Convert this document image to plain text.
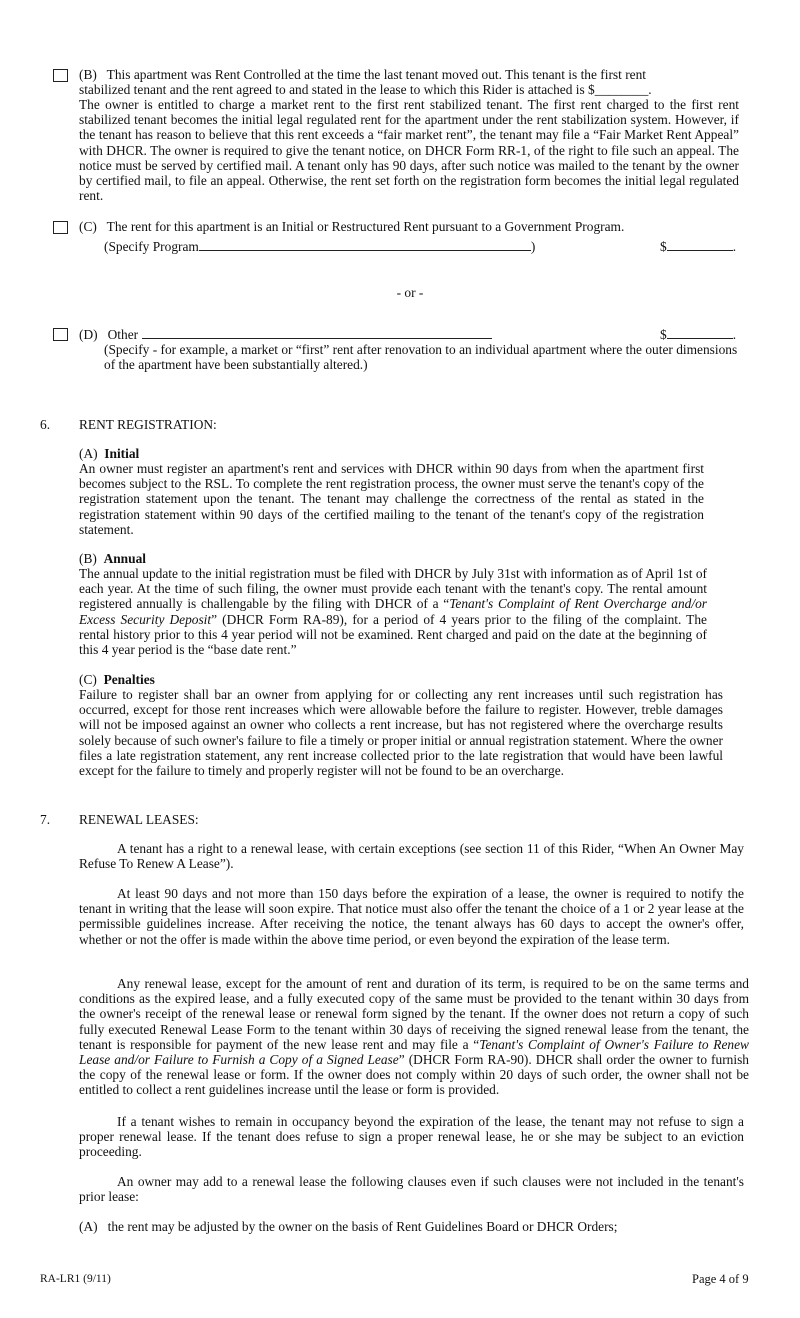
(B) This apartment was Rent Controlled at the time the last tenant moved out. This tenant is the first rent
stabilized tenant and the rent agreed to and stated in the lease to which this Rider is attached is $________.
The owner is entitled to charge a market rent to the first rent stabilized tenant. The first rent charged to the first rent stabilized tenant becomes the initial legal regulated rent for the apartment under the rent stabilization system. However, if the tenant has reason to believe that this rent exceeds a “fair market rent”, the tenant may file a “Fair Market Rent Appeal” with DHCR. The owner is required to give the tenant notice, on DHCR Form RR-1, of the right to file such an appeal. The notice must be served by certified mail. A tenant only has 90 days, after such notice was mailed to the tenant by the owner by certified mail, to file an appeal. Otherwise, the rent set forth on the registration form becomes the initial legal regulated rent.
(C) The rent for this apartment is an Initial or Restructured Rent pursuant to a Government Program.
(Specify Program	)	$	.
- or -
(D) Other	$	.
(Specify - for example, a market or “first” rent after renovation to an individual apartment where the outer dimensions of the apartment have been substantially altered.)
6. RENT REGISTRATION:
(A) Initial
An owner must register an apartment's rent and services with DHCR within 90 days from when the apartment first becomes subject to the RSL. To complete the rent registration process, the owner must serve the tenant's copy of the registration statement upon the tenant. The tenant may challenge the correctness of the rental as stated in the registration statement within 90 days of the certified mailing to the tenant of the tenant's copy of the registration statement.
(B) Annual
The annual update to the initial registration must be filed with DHCR by July 31st with information as of April 1st of each year. At the time of such filing, the owner must provide each tenant with the tenant's copy. The rental amount registered annually is challengable by the filing with DHCR of a “Tenant's Complaint of Rent Overcharge and/or Excess Security Deposit” (DHCR Form RA-89), for a period of 4 years prior to the filing of the complaint. The rental history prior to this 4 year period will not be examined. Rent charged and paid on the date at the beginning of this 4 year period is the “base date rent.”
(C) Penalties
Failure to register shall bar an owner from applying for or collecting any rent increases until such registration has occurred, except for those rent increases which were allowable before the failure to register. However, treble damages will not be imposed against an owner who collects a rent increase, but has not registered where the overcharge results solely because of such owner's failure to file a timely or proper initial or annual registration statement. Where the owner files a late registration statement, any rent increase collected prior to the late registration that would have been lawful except for the failure to timely and properly register will not be found to be an overcharge.
7. RENEWAL LEASES:
A tenant has a right to a renewal lease, with certain exceptions (see section 11 of this Rider, “When An Owner May Refuse To Renew A Lease”).
At least 90 days and not more than 150 days before the expiration of a lease, the owner is required to notify the tenant in writing that the lease will soon expire. That notice must also offer the tenant the choice of a 1 or 2 year lease at the permissible guidelines increase. After receiving the notice, the tenant always has 60 days to accept the owner's offer, whether or not the offer is made within the above time period, or even beyond the expiration of the lease term.
Any renewal lease, except for the amount of rent and duration of its term, is required to be on the same terms and conditions as the expired lease, and a fully executed copy of the same must be provided to the tenant within 30 days from the owner's receipt of the renewal lease or renewal form signed by the tenant. If the owner does not return a copy of such fully executed Renewal Lease Form to the tenant within 30 days of receiving the signed renewal lease from the tenant, the tenant is responsible for payment of the new lease rent and may file a “Tenant's Complaint of Owner's Failure to Renew Lease and/or Failure to Furnish a Copy of a Signed Lease” (DHCR Form RA-90). DHCR shall order the owner to furnish the copy of the renewal lease or form. If the owner does not comply within 20 days of such order, the owner shall not be entitled to collect a rent guidelines increase until the lease or form is provided.
If a tenant wishes to remain in occupancy beyond the expiration of the lease, the tenant may not refuse to sign a proper renewal lease. If the tenant does refuse to sign a proper renewal lease, he or she may be subject to an eviction proceeding.
An owner may add to a renewal lease the following clauses even if such clauses were not included in the tenant's prior lease:
(A) the rent may be adjusted by the owner on the basis of Rent Guidelines Board or DHCR Orders;
RA-LR1 (9/11)	Page 4 of 9
